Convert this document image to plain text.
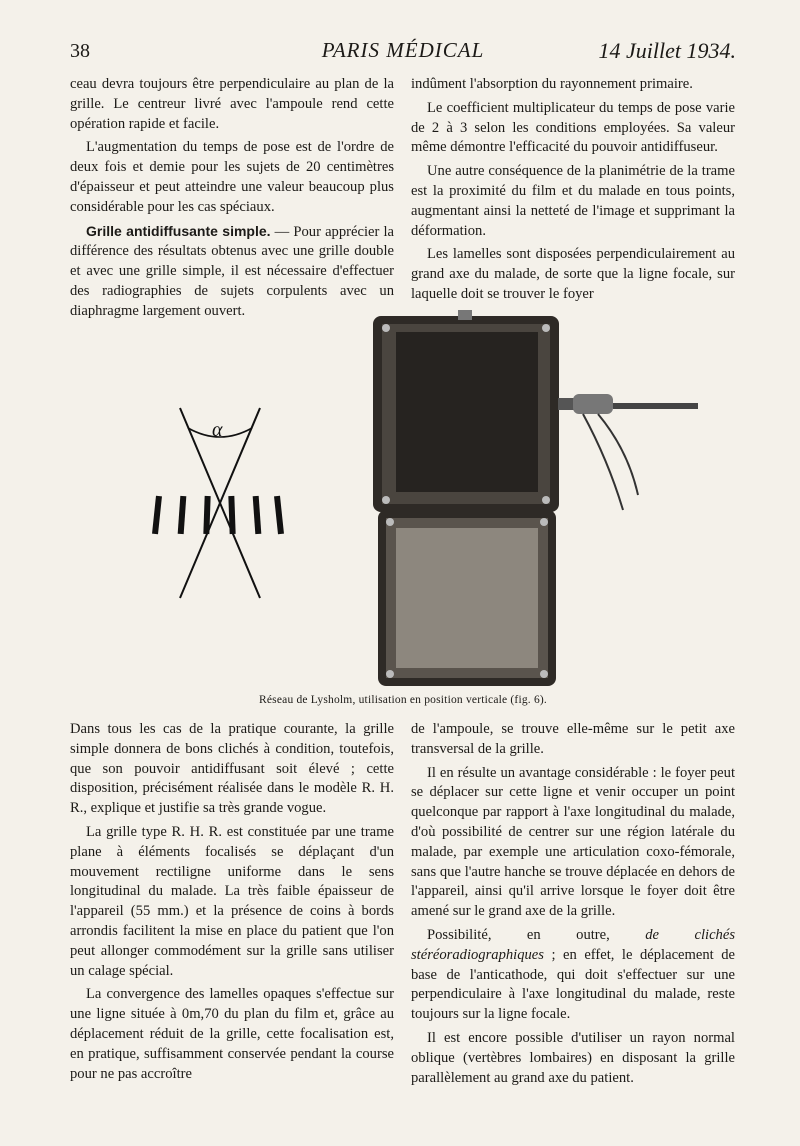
38	PARIS MÉDICAL	14 Juillet 1934.

ceau devra toujours être perpendiculaire au plan de la grille. Le centreur livré avec l'ampoule rend cette opération rapide et facile.

L'augmentation du temps de pose est de l'ordre de deux fois et demie pour les sujets de 20 centimètres d'épaisseur et peut atteindre une valeur beaucoup plus considérable pour les cas spéciaux.

Grille antidiffusante simple. — Pour apprécier la différence des résultats obtenus avec une grille double et avec une grille simple, il est nécessaire d'effectuer des radiographies de sujets corpulents avec un diaphragme largement ouvert.

indûment l'absorption du rayonnement primaire.

Le coefficient multiplicateur du temps de pose varie de 2 à 3 selon les conditions employées. Sa valeur même démontre l'efficacité du pouvoir antidiffuseur.

Une autre conséquence de la planimétrie de la trame est la proximité du film et du malade en tous points, augmentant ainsi la netteté de l'image et supprimant la déformation.

Les lamelles sont disposées perpendiculairement au grand axe du malade, de sorte que la ligne focale, sur laquelle doit se trouver le foyer

α
Réseau de Lysholm, utilisation en position verticale (fig. 6).

Dans tous les cas de la pratique courante, la grille simple donnera de bons clichés à condition, toutefois, que son pouvoir antidiffusant soit élevé ; cette disposition, précisément réalisée dans le modèle R. H. R., explique et justifie sa très grande vogue.

La grille type R. H. R. est constituée par une trame plane à éléments focalisés se déplaçant d'un mouvement rectiligne uniforme dans le sens longitudinal du malade. La très faible épaisseur de l'appareil (55 mm.) et la présence de coins à bords arrondis facilitent la mise en place du patient que l'on peut allonger commodément sur la grille sans utiliser un calage spécial.

La convergence des lamelles opaques s'effectue sur une ligne située à 0m,70 du plan du film et, grâce au déplacement réduit de la grille, cette focalisation est, en pratique, suffisamment conservée pendant la course pour ne pas accroître

de l'ampoule, se trouve elle-même sur le petit axe transversal de la grille.

Il en résulte un avantage considérable : le foyer peut se déplacer sur cette ligne et venir occuper un point quelconque par rapport à l'axe longitudinal du malade, d'où possibilité de centrer sur une région latérale du malade, par exemple une articulation coxo-fémorale, sans que l'autre hanche se trouve déplacée en dehors de l'appareil, ainsi qu'il arrive lorsque le foyer doit être amené sur le grand axe de la grille.

Possibilité, en outre, de clichés stéréoradiographiques ; en effet, le déplacement de base de l'anticathode, qui doit s'effectuer sur une perpendiculaire à l'axe longitudinal du malade, reste toujours sur la ligne focale.

Il est encore possible d'utiliser un rayon normal oblique (vertèbres lombaires) en disposant la grille parallèlement au grand axe du patient.
